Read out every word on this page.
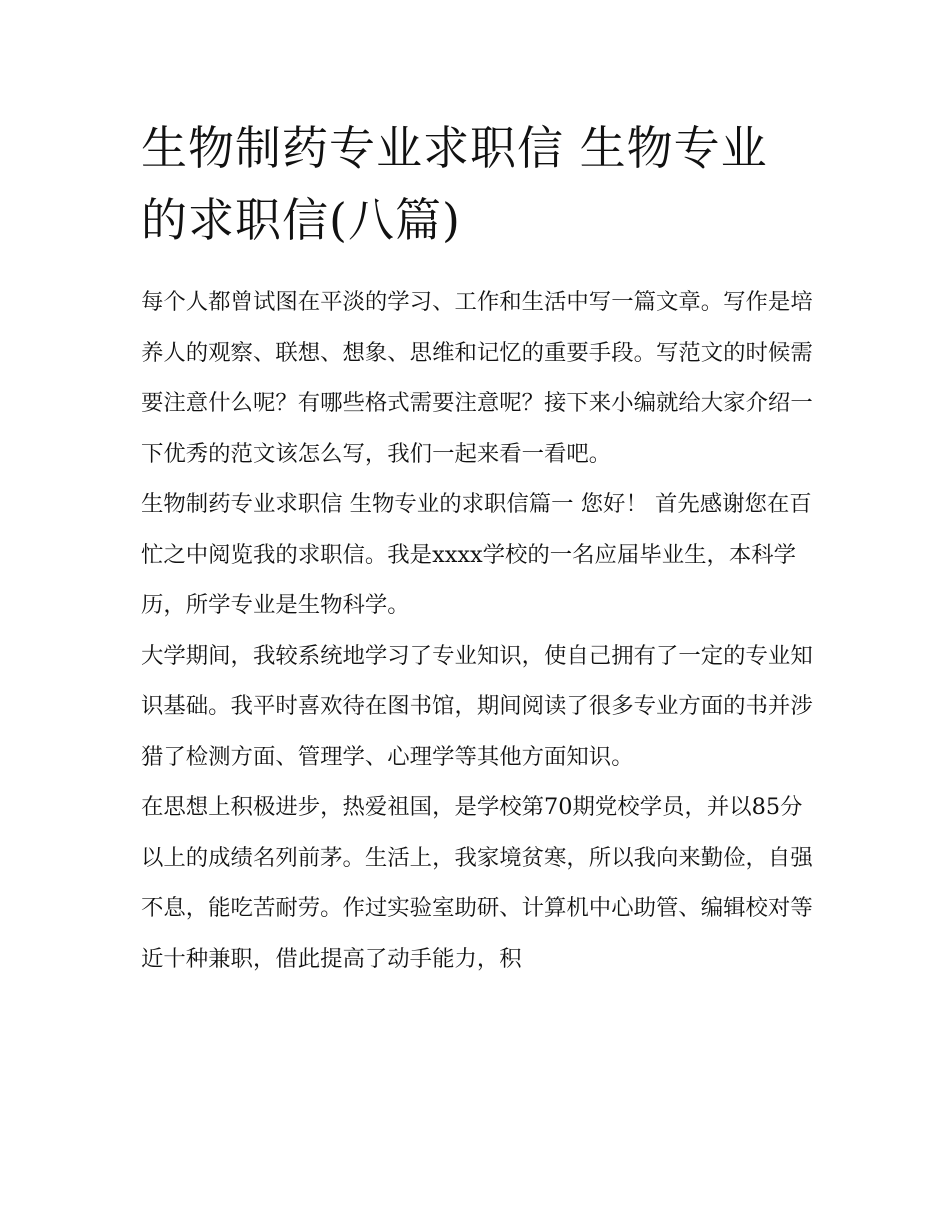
生物制药专业求职信 生物专业的求职信(八篇)

每个人都曾试图在平淡的学习、工作和生活中写一篇文章。写作是培养人的观察、联想、想象、思维和记忆的重要手段。写范文的时候需要注意什么呢？有哪些格式需要注意呢？接下来小编就给大家介绍一下优秀的范文该怎么写，我们一起来看一看吧。

生物制药专业求职信 生物专业的求职信篇一 您好！ 首先感谢您在百忙之中阅览我的求职信。我是xxxx学校的一名应届毕业生，本科学历，所学专业是生物科学。

大学期间，我较系统地学习了专业知识，使自己拥有了一定的专业知识基础。我平时喜欢待在图书馆，期间阅读了很多专业方面的书并涉猎了检测方面、管理学、心理学等其他方面知识。

在思想上积极进步，热爱祖国，是学校第70期党校学员，并以85分以上的成绩名列前茅。生活上，我家境贫寒，所以我向来勤俭，自强不息，能吃苦耐劳。作过实验室助研、计算机中心助管、编辑校对等近十种兼职，借此提高了动手能力，积
